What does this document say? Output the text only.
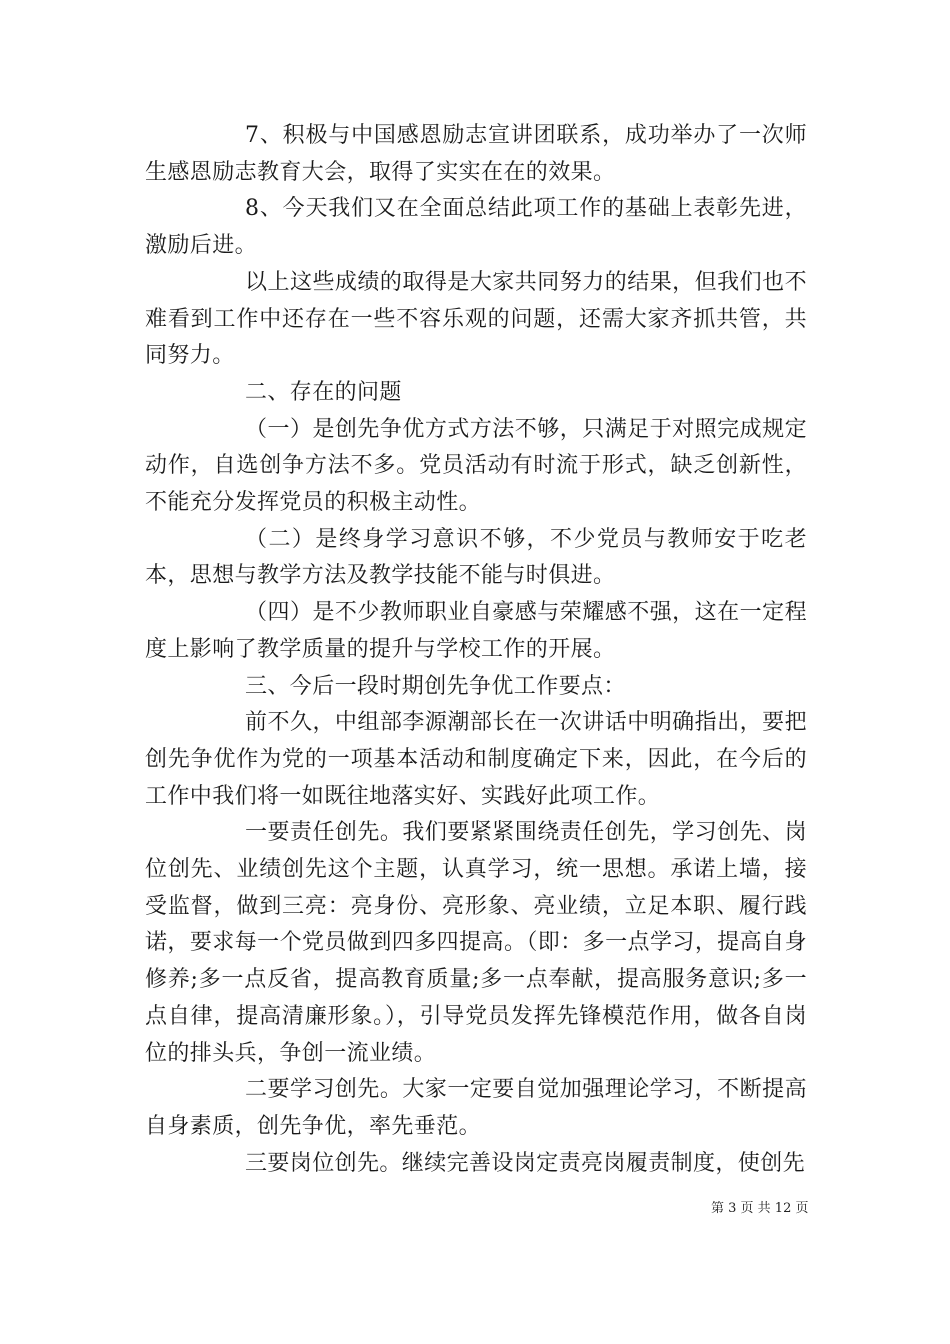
7、积极与中国感恩励志宣讲团联系，成功举办了一次师生感恩励志教育大会，取得了实实在在的效果。

8、今天我们又在全面总结此项工作的基础上表彰先进，激励后进。

以上这些成绩的取得是大家共同努力的结果，但我们也不难看到工作中还存在一些不容乐观的问题，还需大家齐抓共管，共同努力。

二、存在的问题

（一）是创先争优方式方法不够，只满足于对照完成规定动作，自选创争方法不多。党员活动有时流于形式，缺乏创新性，不能充分发挥党员的积极主动性。

（二）是终身学习意识不够，不少党员与教师安于吃老本，思想与教学方法及教学技能不能与时俱进。

（四）是不少教师职业自豪感与荣耀感不强，这在一定程度上影响了教学质量的提升与学校工作的开展。

三、今后一段时期创先争优工作要点：

前不久，中组部李源潮部长在一次讲话中明确指出，要把创先争优作为党的一项基本活动和制度确定下来，因此，在今后的工作中我们将一如既往地落实好、实践好此项工作。

一要责任创先。我们要紧紧围绕责任创先，学习创先、岗位创先、业绩创先这个主题，认真学习，统一思想。承诺上墙，接受监督，做到三亮：亮身份、亮形象、亮业绩，立足本职、履行践诺，要求每一个党员做到四多四提高。（即：多一点学习，提高自身修养;多一点反省，提高教育质量;多一点奉献，提高服务意识;多一点自律，提高清廉形象。），引导党员发挥先锋模范作用，做各自岗位的排头兵，争创一流业绩。

二要学习创先。大家一定要自觉加强理论学习，不断提高自身素质，创先争优，率先垂范。

三要岗位创先。继续完善设岗定责亮岗履责制度，使创先

第 3 页 共 12 页
